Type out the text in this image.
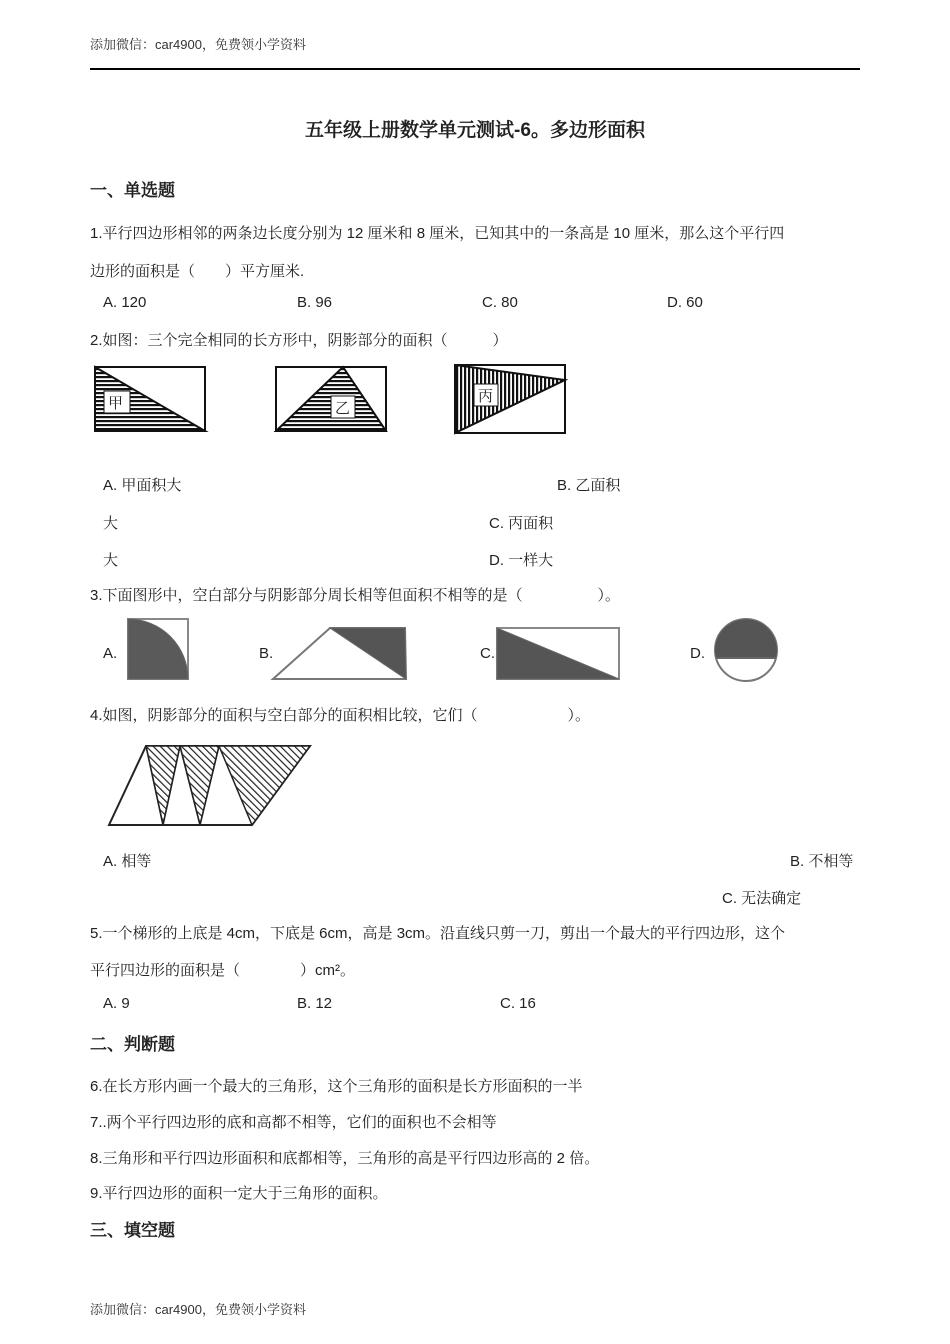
添加微信：car4900，免费领小学资料
五年级上册数学单元测试-6。多边形面积
一、单选题
1.平行四边形相邻的两条边长度分别为 12 厘米和 8 厘米，已知其中的一条高是 10 厘米，那么这个平行四
边形的面积是（　　）平方厘米.
A. 120	B. 96	C. 80	D. 60
2.如图：三个完全相同的长方形中，阴影部分的面积（　　　）
甲	乙
丙
A. 甲面积大	B. 乙面积
大	C. 丙面积
大	D. 一样大
3.下面图形中，空白部分与阴影部分周长相等但面积不相等的是（　　　　　）。
A.	B.	C.	D.
4.如图，阴影部分的面积与空白部分的面积相比较，它们（　　　　　　）。
A. 相等	B. 不相等
C. 无法确定
5.一个梯形的上底是 4cm，下底是 6cm，高是 3cm。沿直线只剪一刀，剪出一个最大的平行四边形，这个
平行四边形的面积是（　　　　）cm²。
A. 9	B. 12	C. 16
二、判断题
6.在长方形内画一个最大的三角形，这个三角形的面积是长方形面积的一半
7..两个平行四边形的底和高都不相等，它们的面积也不会相等
8.三角形和平行四边形面积和底都相等，三角形的高是平行四边形高的 2 倍。
9.平行四边形的面积一定大于三角形的面积。
三、填空题
添加微信：car4900，免费领小学资料
